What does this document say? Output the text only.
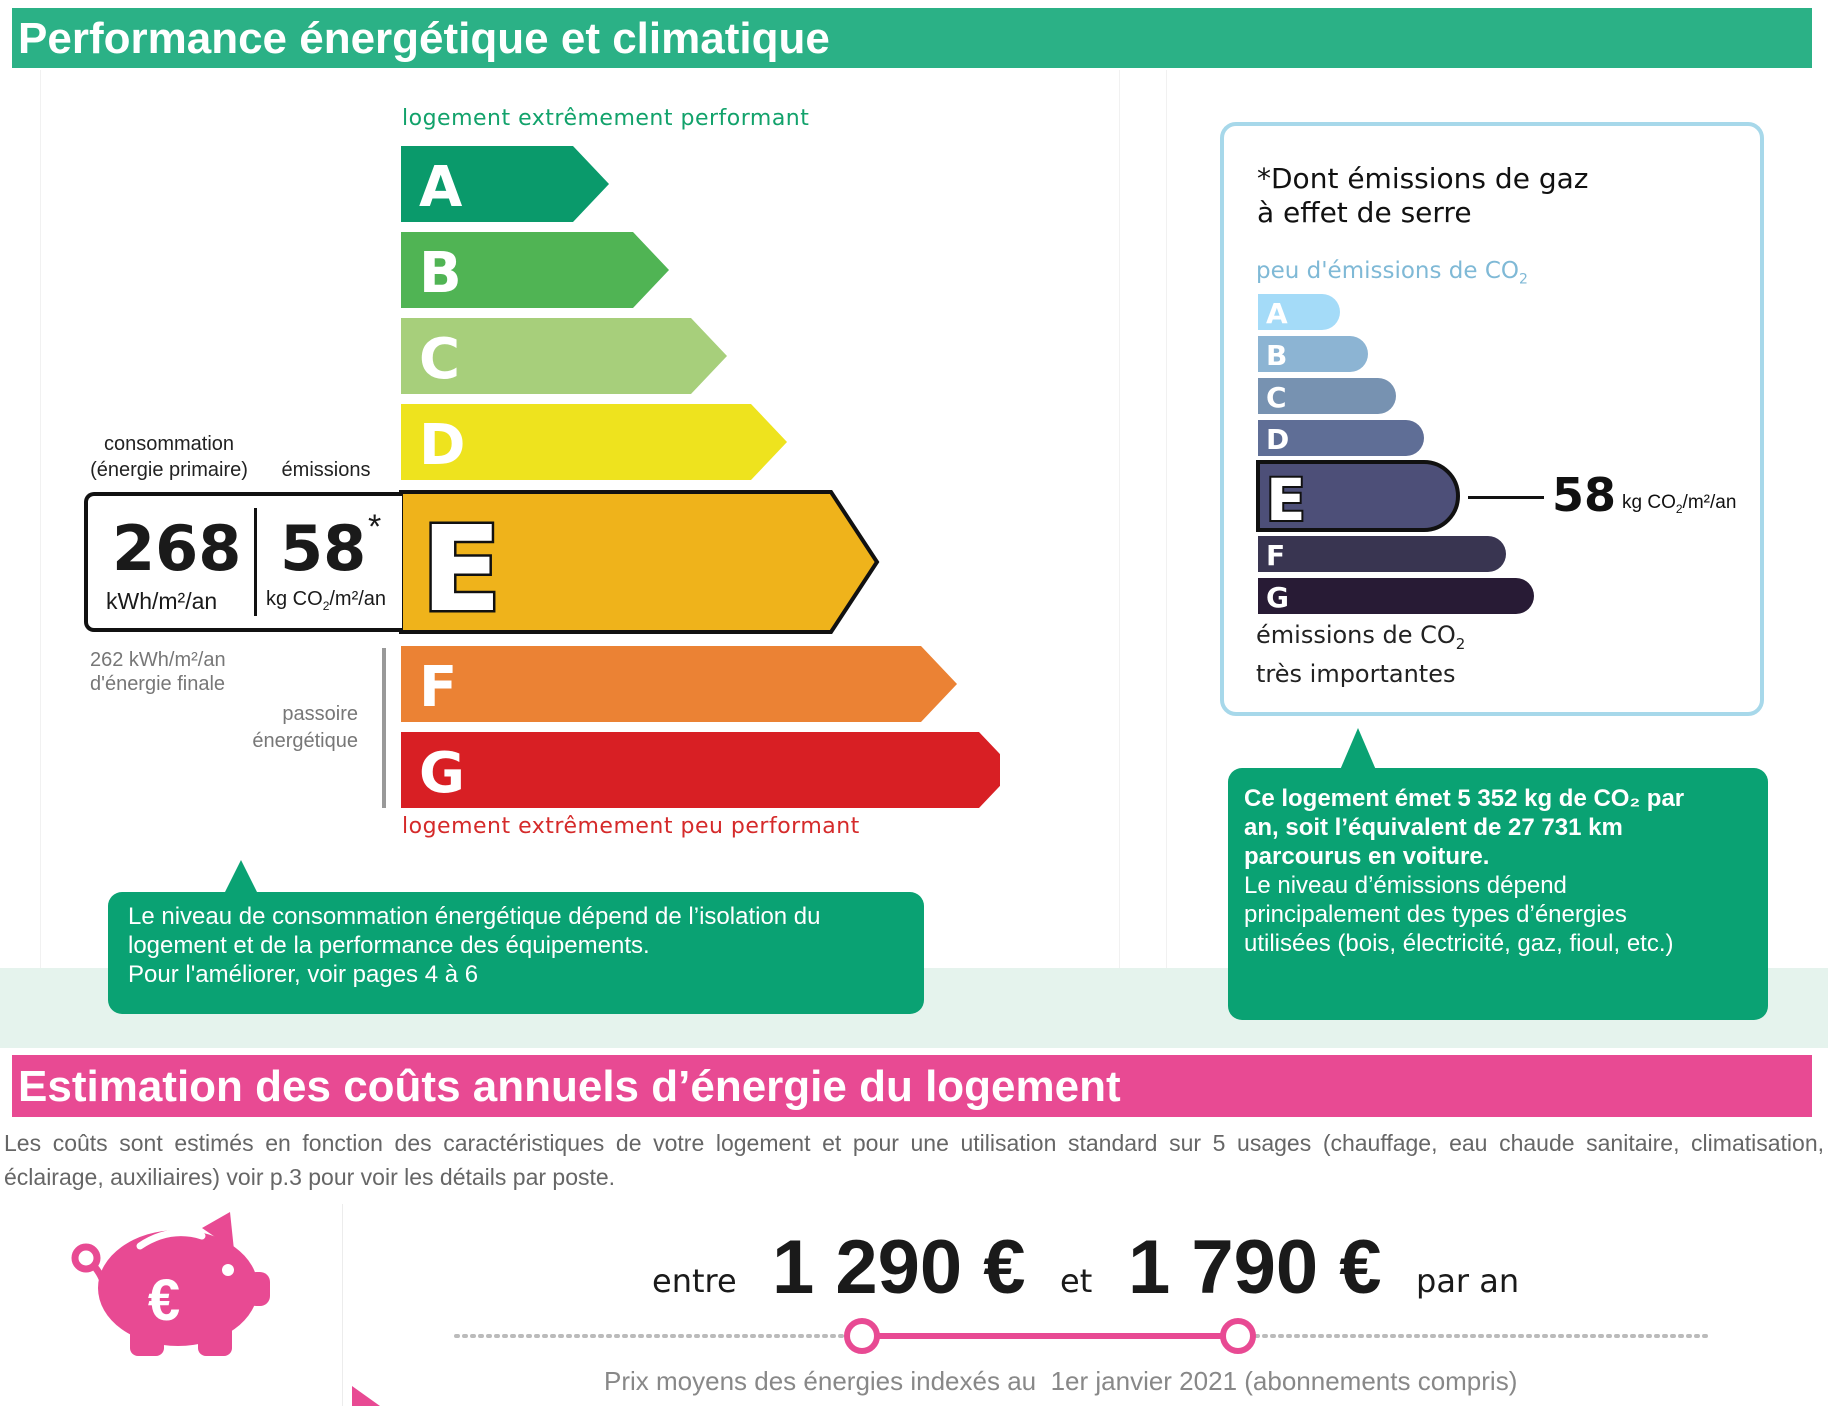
Performance énergétique et climatique
logement extrêmement performant
A
B
C
D
E
F
G
logement extrêmement peu performant
consommation
(énergie primaire)	émissions
268
kWh/m²/an
58 *
kg $CO_2/m^2/an$
262 kWh/m²/an
d'énergie finale
passoire
énergétique
Le niveau de consommation énergétique dépend de l’isolation du
logement et de la performance des équipements.
Pour l'améliorer, voir pages 4 à 6
*Dont émissions de gaz
à effet de serre
peu d'émissions de $CO_2$
A
B
C
D
E
F
G
58 kg $CO_2/m^2/an$
émissions de $CO_2$
très importantes
Ce logement émet 5 352 kg de CO₂ par
an, soit l’équivalent de 27 731 km
parcourus en voiture.
Le niveau d’émissions dépend
principalement des types d’énergies
utilisées (bois, électricité, gaz, fioul, etc.)
Estimation des coûts annuels d’énergie du logement
Les coûts sont estimés en fonction des caractéristiques de votre logement et pour une utilisation standard sur 5 usages (chauffage, eau chaude sanitaire, climatisation,
éclairage, auxiliaires) voir p.3 pour voir les détails par poste.
€	entre 1 290 € et 1 790 € par an
Prix moyens des énergies indexés au  1er janvier 2021 (abonnements compris)
